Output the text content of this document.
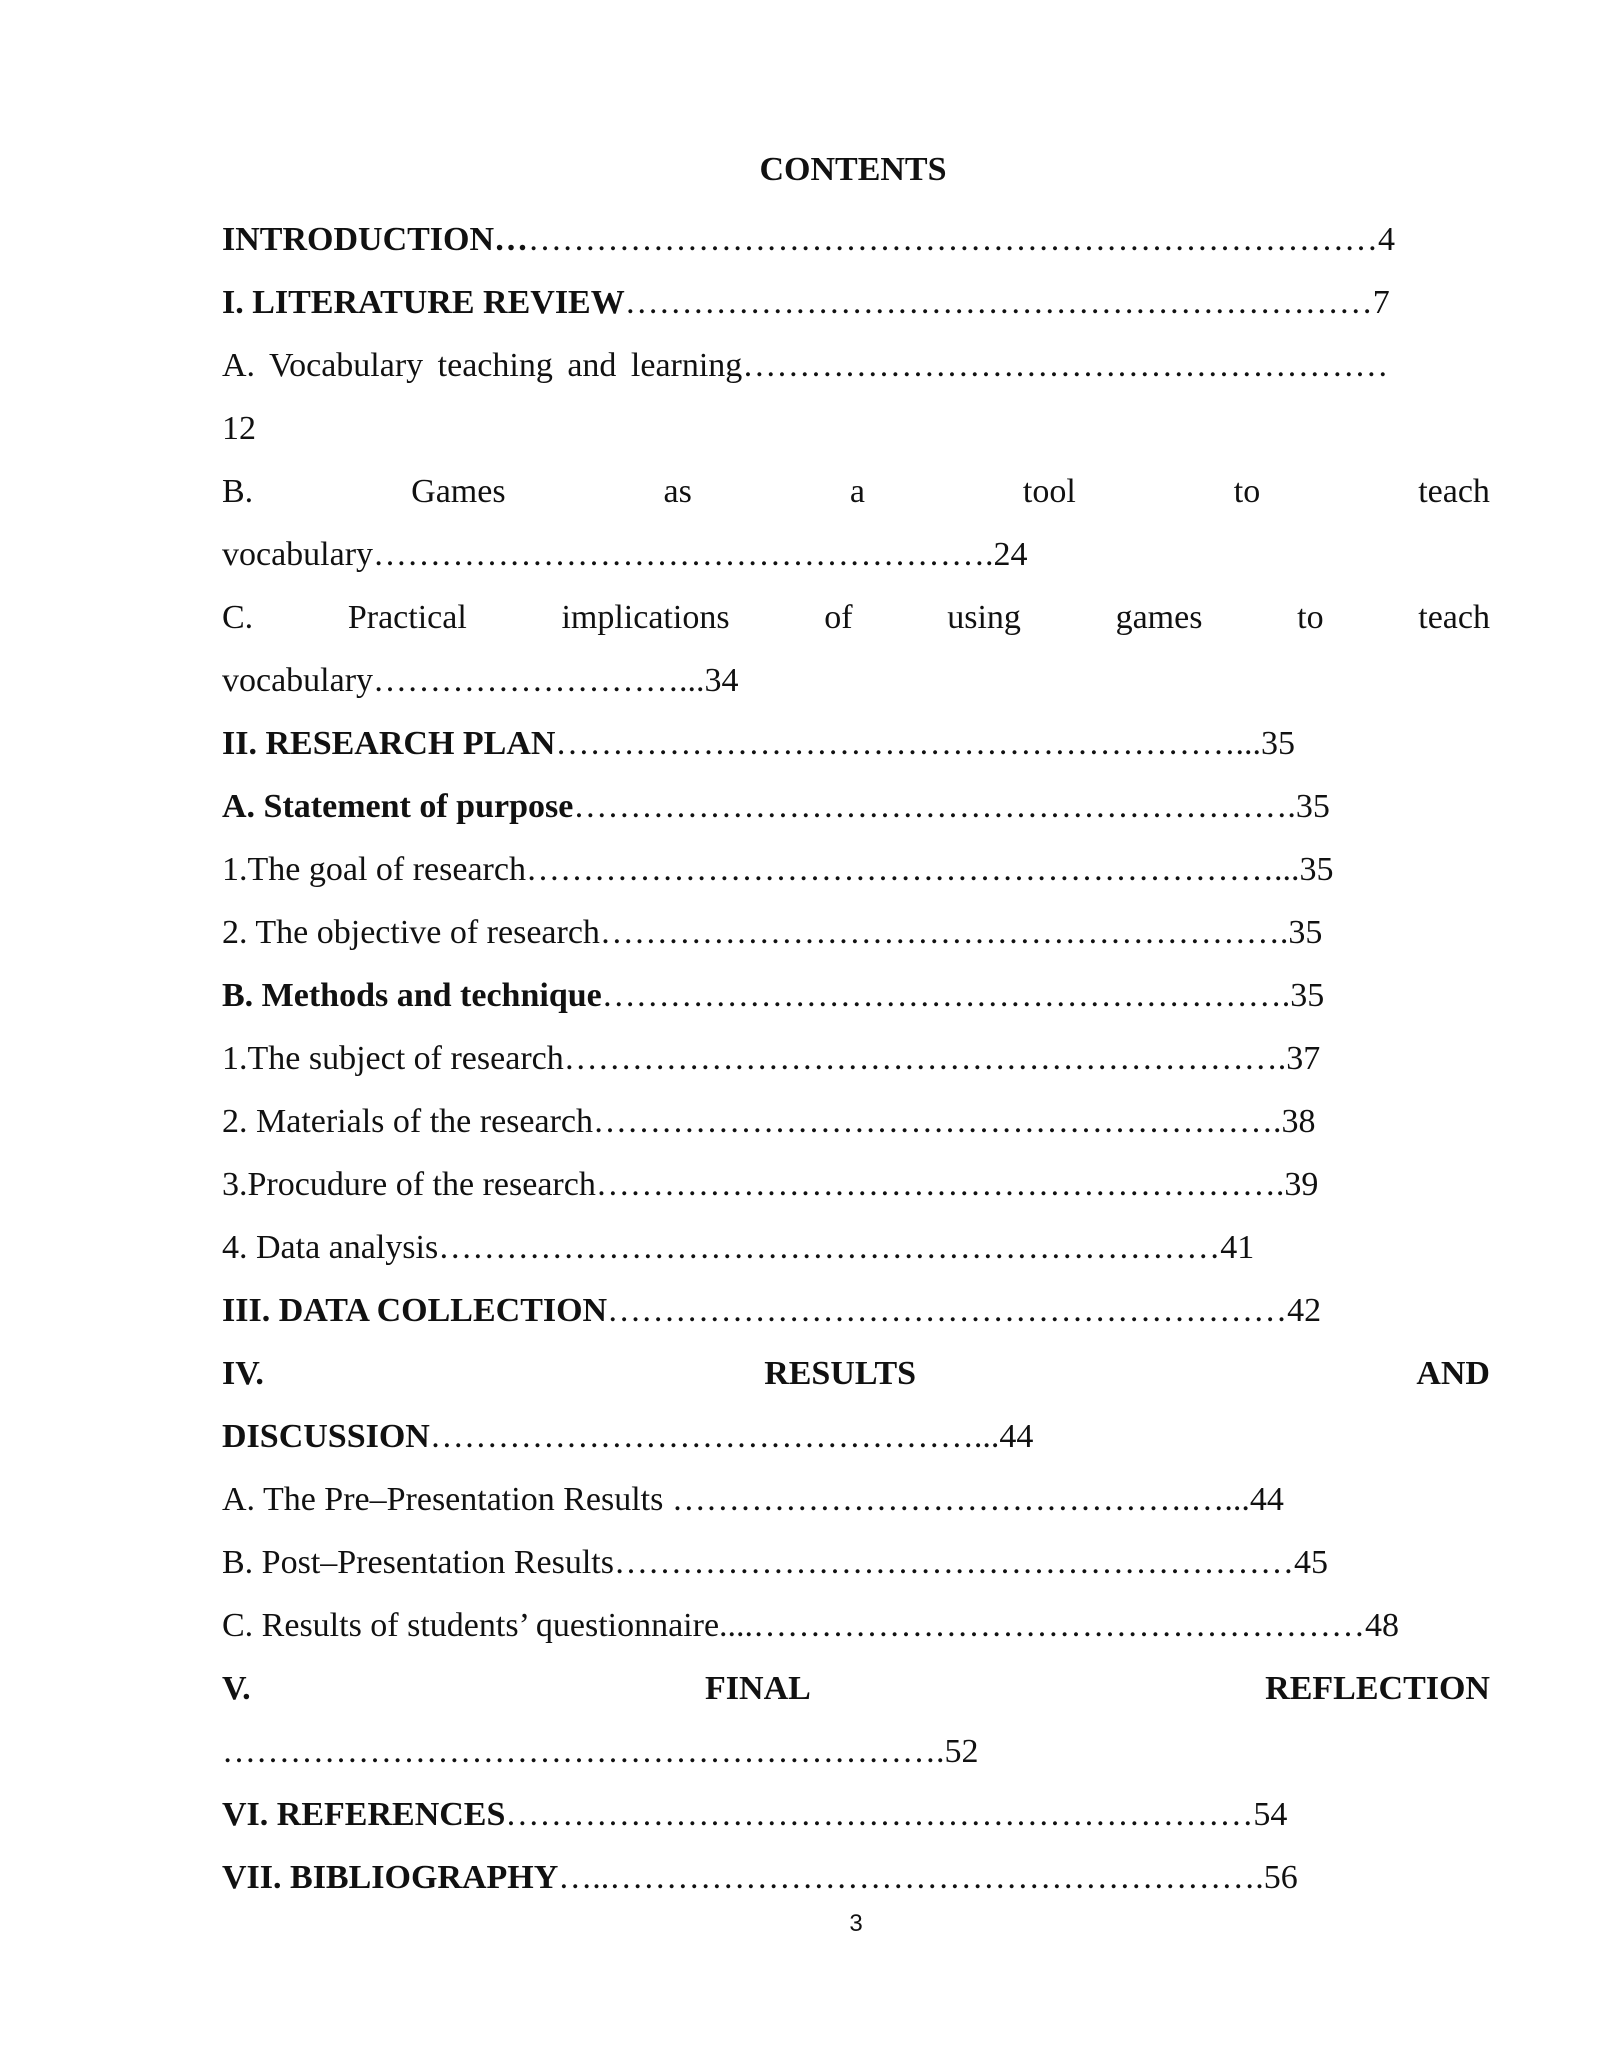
CONTENTS
INTRODUCTION……………………………………………………………………4
I. LITERATURE REVIEW…………………………………………………………7
A. Vocabulary teaching and learning…………………………………………………
12
B.	Games	as	a	tool	to	teach
vocabulary……………………………………………….24
C.	Practical	implications	of	using	games	to	teach
vocabulary………………………...34
II. RESEARCH PLAN……………………………………………………...35
A. Statement of purpose……………………………………………………….35
1.The goal of research…………………………………………………………...35
2. The objective of research…………………………………………………….35
B. Methods and technique…………………………………………………….35
1.The subject of research……………………………………………………….37
2. Materials of the research…………………………………………………….38
3.Procudure of the research…………………………………………………….39
4. Data analysis……………………………………………………………41
III. DATA COLLECTION……………………………………………………42
IV.	RESULTS	AND
DISCUSSION…………………………………………...44
A. The Pre–Presentation Results ……………………………………….…...44
B. Post–Presentation Results……………………………………………………45
C. Results of students’ questionnaire....………………………………………………48
V.	FINAL	REFLECTION
……………………………………………………….52
VI. REFERENCES…………………………………………………………54
VII. BIBLIOGRAPHY…..………………………………………………….56
3
